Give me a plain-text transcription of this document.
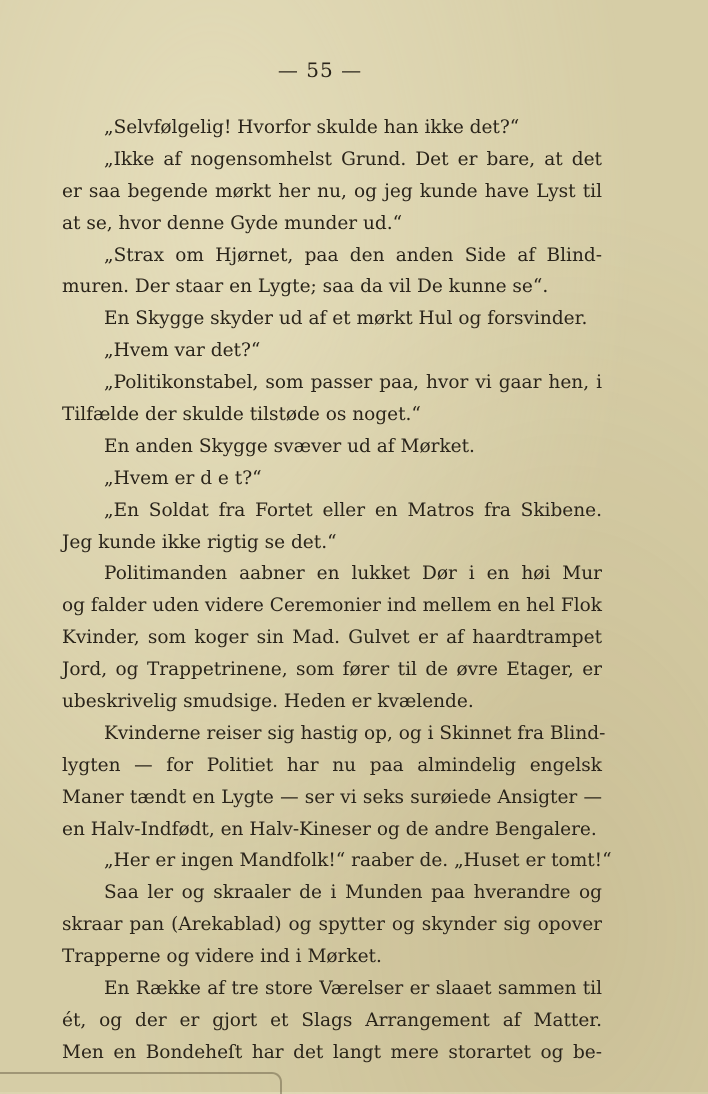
— 55 —
„Selvfølgelig! Hvorfor skulde han ikke det?“
„Ikke af nogensomhelst Grund. Det er bare, at det
er saa begende mørkt her nu, og jeg kunde have Lyst til
at se, hvor denne Gyde munder ud.“
„Strax om Hjørnet, paa den anden Side af Blind-
muren. Der staar en Lygte; saa da vil De kunne se“.
En Skygge skyder ud af et mørkt Hul og forsvinder.
„Hvem var det?“
„Politikonstabel, som passer paa, hvor vi gaar hen, i
Tilfælde der skulde tilstøde os noget.“
En anden Skygge svæver ud af Mørket.
„Hvem er d e t?“
„En Soldat fra Fortet eller en Matros fra Skibene.
Jeg kunde ikke rigtig se det.“
Politimanden aabner en lukket Dør i en høi Mur
og falder uden videre Ceremonier ind mellem en hel Flok
Kvinder, som koger sin Mad. Gulvet er af haardtrampet
Jord, og Trappetrinene, som fører til de øvre Etager, er
ubeskrivelig smudsige. Heden er kvælende.
Kvinderne reiser sig hastig op, og i Skinnet fra Blind-
lygten — for Politiet har nu paa almindelig engelsk
Maner tændt en Lygte — ser vi seks surøiede Ansigter —
en Halv-Indfødt, en Halv-Kineser og de andre Bengalere.
„Her er ingen Mandfolk!“ raaber de. „Huset er tomt!“
Saa ler og skraaler de i Munden paa hverandre og
skraar pan (Arekablad) og spytter og skynder sig opover
Trapperne og videre ind i Mørket.
En Række af tre store Værelser er slaaet sammen til
ét, og der er gjort et Slags Arrangement af Matter.
Men en Bondeheſt har det langt mere storartet og be-
